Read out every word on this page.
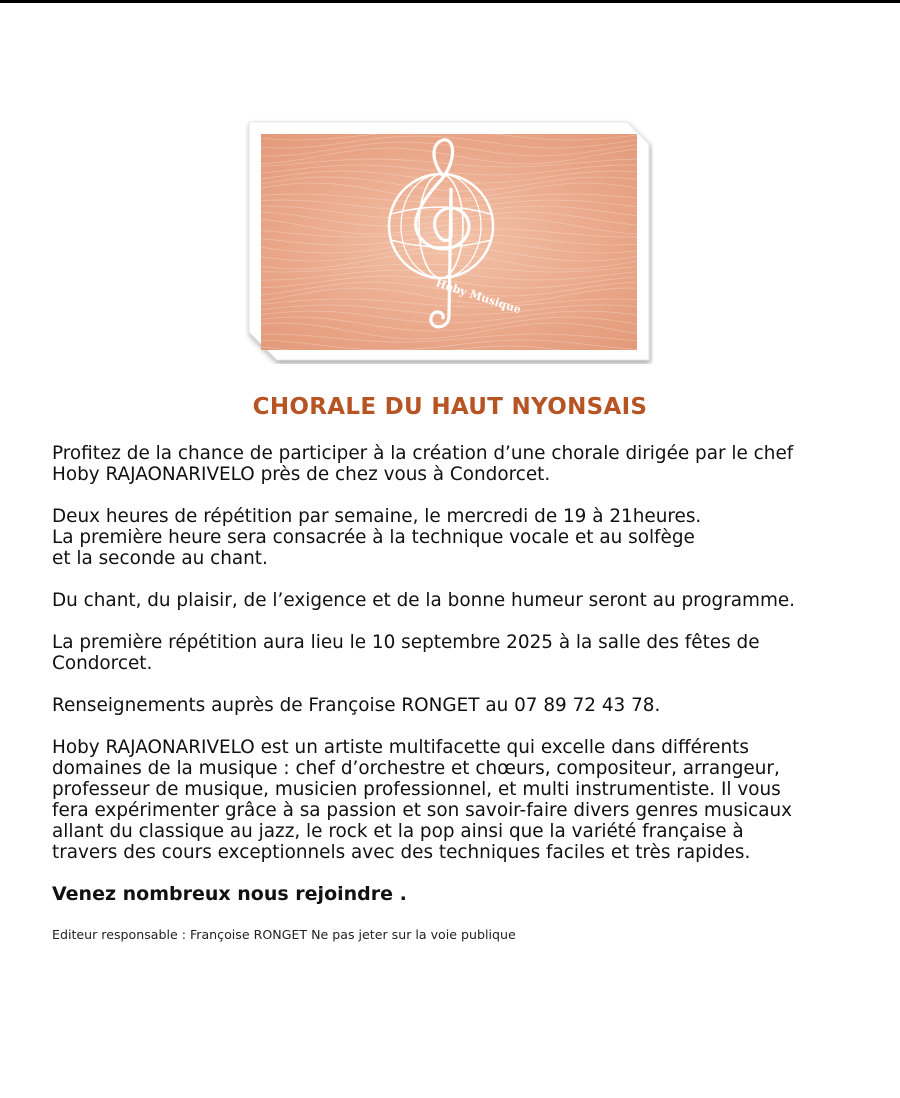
Hoby Musique
CHORALE DU HAUT NYONSAIS

Profitez de la chance de participer à la création d’une chorale dirigée par le chef
Hoby RAJAONARIVELO près de chez vous à Condorcet.

Deux heures de répétition par semaine, le mercredi de 19 à 21heures.
La première heure sera consacrée à la technique vocale et au solfège
et la seconde au chant.

Du chant, du plaisir, de l’exigence et de la bonne humeur seront au programme.

La première répétition aura lieu le 10 septembre 2025 à la salle des fêtes de
Condorcet.

Renseignements auprès de Françoise RONGET au 07 89 72 43 78.

Hoby RAJAONARIVELO est un artiste multifacette qui excelle dans différents
domaines de la musique : chef d’orchestre et chœurs, compositeur, arrangeur,
professeur de musique, musicien professionnel, et multi instrumentiste. Il vous
fera expérimenter grâce à sa passion et son savoir-faire divers genres musicaux
allant du classique au jazz, le rock et la pop ainsi que la variété française à
travers des cours exceptionnels avec des techniques faciles et très rapides.

Venez nombreux nous rejoindre .

Editeur responsable : Françoise RONGET Ne pas jeter sur la voie publique
